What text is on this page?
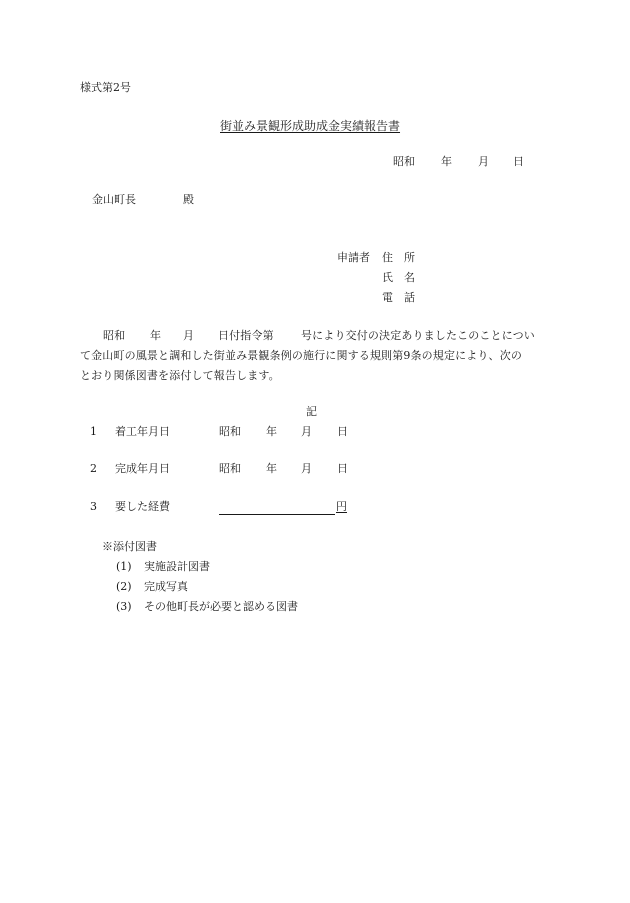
様式第2号
街並み景観形成助成金実績報告書
昭和 年 月 日
金山町長	殿
申請者 住　所
氏　名
電　話
昭和 年 月 日付指令第 号により交付の決定ありましたこのことについ
て金山町の風景と調和した街並み景観条例の施行に関する規則第9条の規定により、次の
とおり関係図書を添付して報告します。
記
1 着工年月日	昭和 年 月 日
2 完成年月日	昭和 年 月 日
3 要した経費	円
※添付図書
(1) 実施設計図書
(2) 完成写真
(3) その他町長が必要と認める図書
